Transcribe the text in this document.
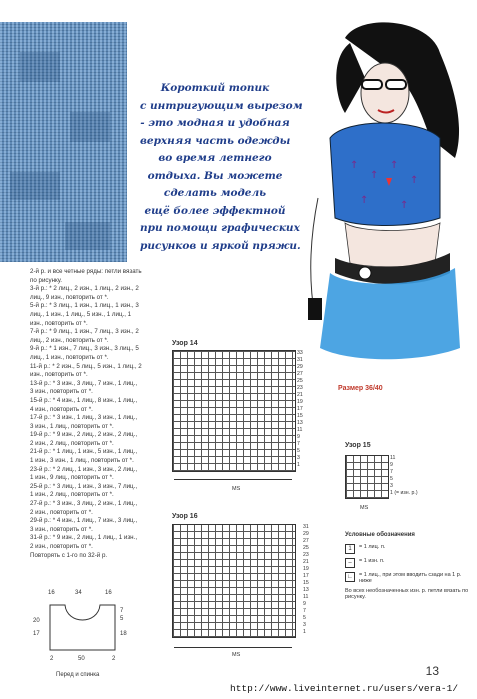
Короткий топик
с интригующим вырезом
- это модная и удобная
верхняя часть одежды
во время летнего
отдыха. Вы можете
сделать модель
ещё более эффектной
при помощи графических
рисунков и яркой пряжи.
↑
↑
↑
↑
↑	↑
Размер 36/40
2-й р. и все четные ряды: петли вязать
по рисунку.
3-й р.: * 2 лиц., 2 изн., 1 лиц., 2 изн., 2
лиц., 9 изн., повторить от *.
5-й р.: * 3 лиц., 1 изн., 1 лиц., 1 изн., 3
лиц., 1 изн., 1 лиц., 5 изн., 1 лиц., 1
изн., повторить от *.
7-й р.: * 9 лиц., 1 изн., 7 лиц., 3 изн., 2
лиц., 2 изн., повторить от *.
9-й р.: * 1 изн., 7 лиц., 3 изн., 3 лиц., 5
лиц., 1 изн., повторить от *.
11-й р.: * 2 изн., 5 лиц., 5 изн., 1 лиц., 2
изн., повторить от *.
13-й р.: * 3 изн., 3 лиц., 7 изн., 1 лиц.,
3 изн., повторить от *.
15-й р.: * 4 изн., 1 лиц., 8 изн., 1 лиц.,
4 изн., повторить от *.
17-й р.: * 3 изн., 1 лиц., 3 изн., 1 лиц.,
3 изн., 1 лиц., повторить от *.
19-й р.: * 9 изн., 2 лиц., 2 изн., 2 лиц.,
2 изн., 2 лиц., повторить от *.
21-й р.: * 1 лиц., 1 изн., 5 изн., 1 лиц.,
1 изн., 3 изн., 1 лиц., повторить от *.
23-й р.: * 2 лиц., 1 изн., 3 изн., 2 лиц.,
1 изн., 9 лиц., повторить от *.
25-й р.: * 3 лиц., 1 изн., 3 изн., 7 лиц.,
1 изн., 2 лиц., повторить от *.
27-й р.: * 3 изн., 3 лиц., 2 изн., 1 лиц.,
2 изн., повторить от *.
29-й р.: * 4 изн., 1 лиц., 7 изн., 3 лиц.,
3 изн., повторить от *.
31-й р.: * 9 изн., 2 лиц., 1 лиц., 1 изн.,
2 изн., повторить от *.
Повторять с 1-го по 32-й р.
Узор 14
33
31
29
27
25
23
21
19
17
15
13
11
9
7
5
3
1
MS
Узор 15
11
9
7
5
3
1 (= изн. р.)
MS
Узор 16
31
29
27
25
23
21
19
17
15
13
11
9
7
5
3
1
MS
Условные обозначения
1	= 1 лиц. п.
–	= 1 изн. п.
∟	= 1 лиц., при этом вводить сзади на 1 р. ниже
Во всех необозначенных изн. р. петли вязать по рисунку.
16	34	16
20
17
7
5
18
2	50	2
Перед и спинка	13
http://www.liveinternet.ru/users/vera-1/
